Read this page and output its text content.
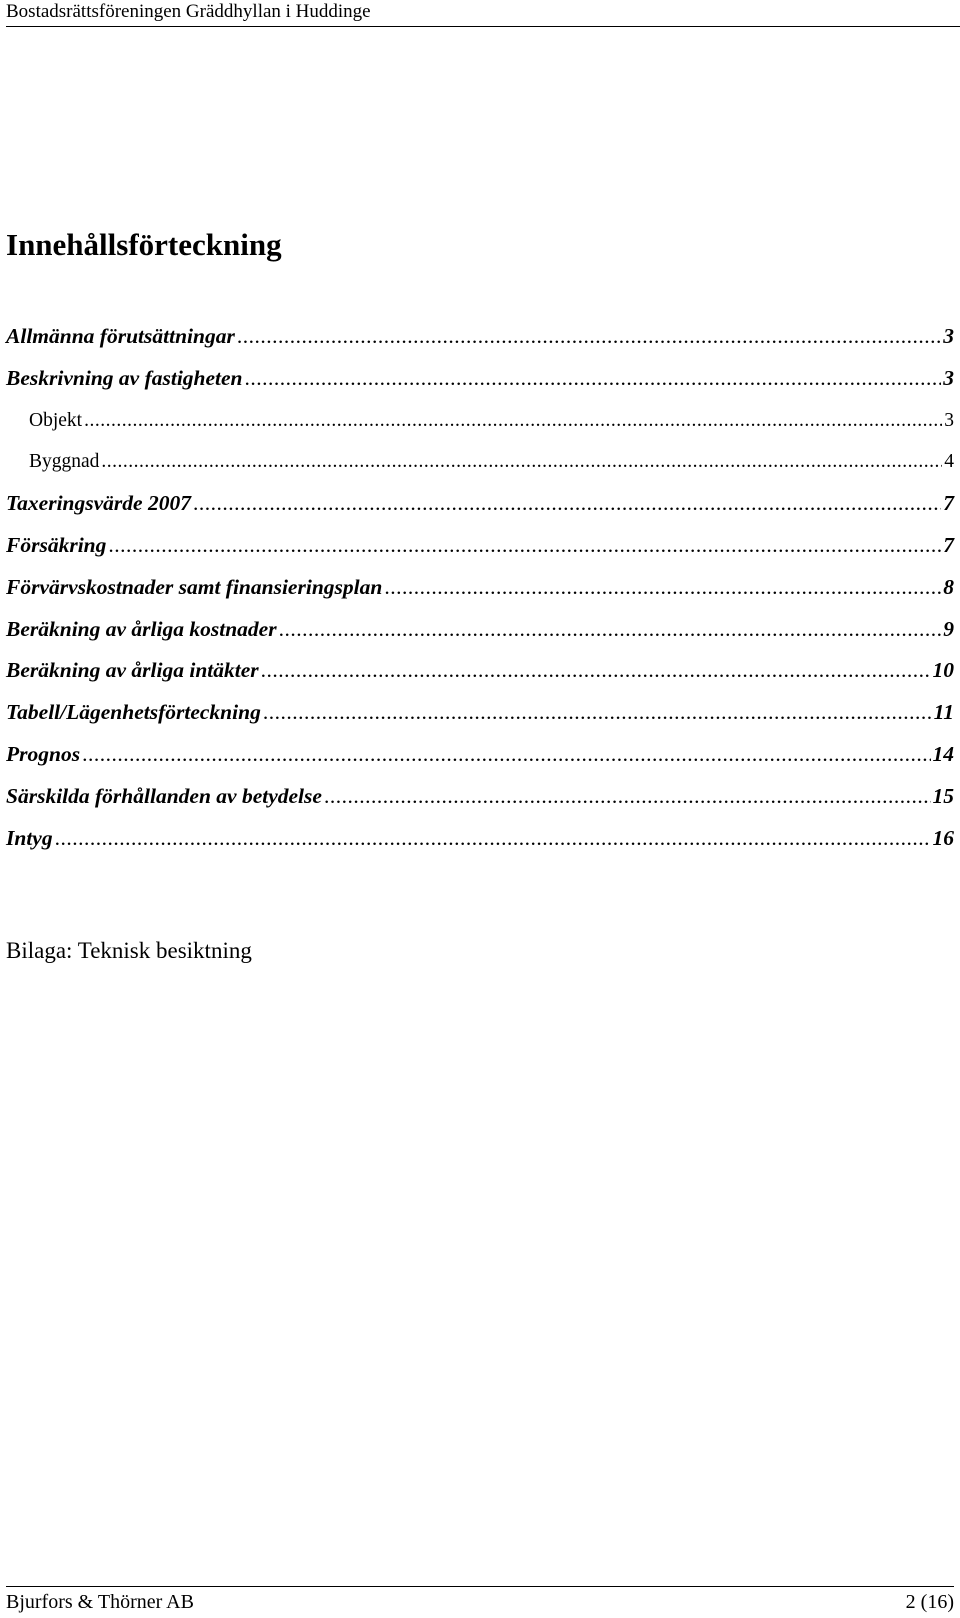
Bostadsrättsföreningen Gräddhyllan i Huddinge
Innehållsförteckning
Allmänna förutsättningar .....	3
Beskrivning av fastigheten .....	3
Objekt .....	3
Byggnad .....	4
Taxeringsvärde 2007 .....	7
Försäkring .....	7
Förvärvskostnader samt finansieringsplan .....	8
Beräkning av årliga kostnader .....	9
Beräkning av årliga intäkter .....	10
Tabell/Lägenhetsförteckning .....	11
Prognos .....	14
Särskilda förhållanden av betydelse .....	15
Intyg .....	16
Bilaga: Teknisk besiktning
Bjurfors & Thörner AB	2 (16)
